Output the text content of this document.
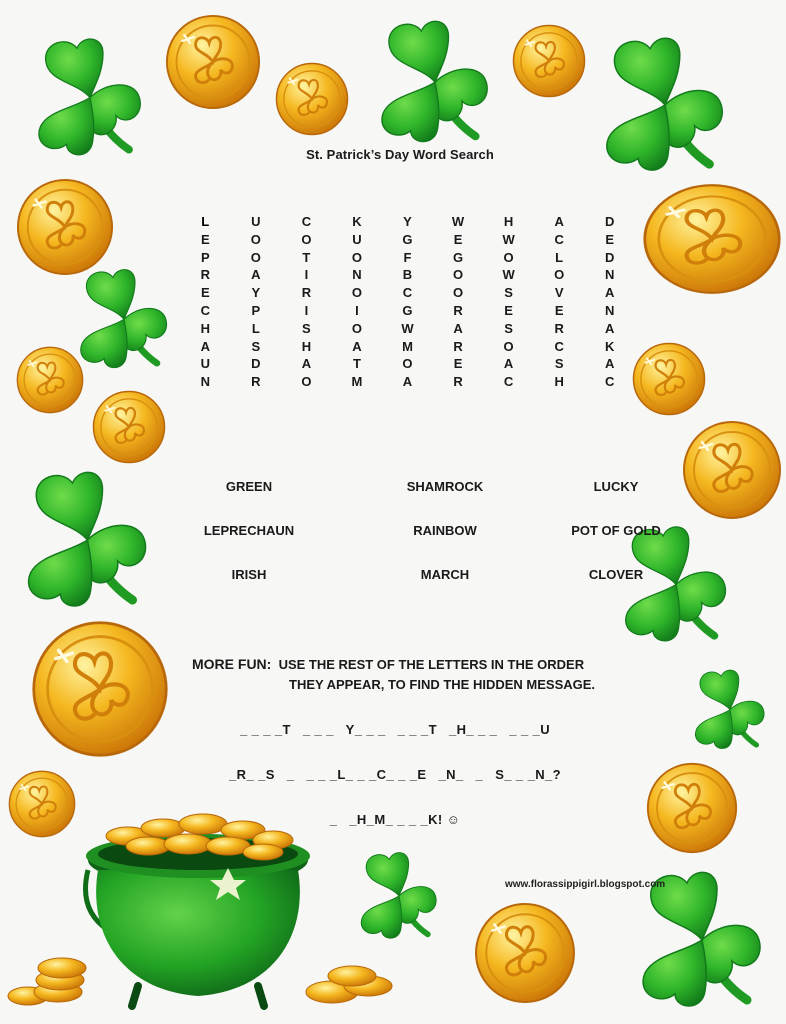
St. Patrick’s Day Word Search
L	U	C	K	Y	W	H	A	D
E	O	O	U	G	E	W	C	E
P	O	T	O	F	G	O	L	D
R	A	I	N	B	O	W	O	N
E	Y	R	O	C	O	S	V	A
C	P	I	I	G	R	E	E	N
H	L	S	O	W	A	S	R	A
A	S	H	A	M	R	O	C	K
U	D	A	T	O	E	A	S	A
N	R	O	M	A	R	C	H	C
GREEN	SHAMROCK	LUCKY
LEPRECHAUN	RAINBOW	POT OF GOLD
IRISH	MARCH	CLOVER
MORE FUN: USE THE REST OF THE LETTERS IN THE ORDER
THEY APPEAR, TO FIND THE HIDDEN MESSAGE.
_ _ _ _T   _ _ _   Y_ _ _   _ _ _T   _H_ _ _   _ _ _U
_R_ _S   _   _ _ _L_ _ _C_ _ _E   _N_   _   S_ _ _N_?
_   _H_M_ _ _ _K! ☺
www.florassippigirl.blogspot.com
